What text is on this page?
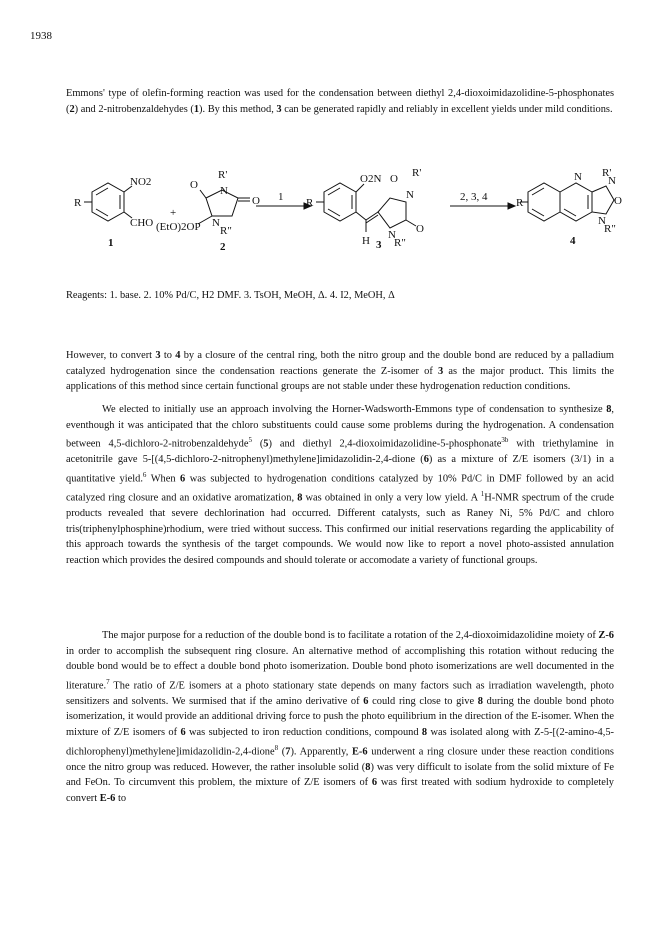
1938

Emmons' type of olefin-forming reaction was used for the condensation between diethyl 2,4-dioxoimidazolidine-5-phosphonates (2) and 2-nitrobenzaldehydes (1). By this method, 3 can be generated rapidly and reliably in excellent yields under mild conditions.

R
NO2
CHO
1
+
O
R'
N
O
(EtO)2OP N
R"
2
1 R
O2N O R'
N
O
N
R"
H 3
2, 3, 4	R
N R'
N
O
N
R"
4
Reagents: 1. base. 2. 10% Pd/C, H2 DMF. 3. TsOH, MeOH, Δ. 4. I2, MeOH, Δ

However, to convert 3 to 4 by a closure of the central ring, both the nitro group and the double bond are reduced by a palladium catalyzed hydrogenation since the condensation reactions generate the Z-isomer of 3 as the major product. This limits the applications of this method since certain functional groups are not stable under these hydrogenation reduction conditions.

We elected to initially use an approach involving the Horner-Wadsworth-Emmons type of condensation to synthesize 8, eventhough it was anticipated that the chloro substituents could cause some problems during the hydrogenation. A condensation between 4,5-dichloro-2-nitrobenzaldehyde$^5$ (5) and diethyl 2,4-dioxoimidazolidine-5-phosphonate$^{3b}$ with triethylamine in acetonitrile gave 5-[(4,5-dichloro-2-nitrophenyl)methylene]imidazolidin-2,4-dione (6) as a mixture of Z/E isomers (3/1) in a quantitative yield.$^6$ When 6 was subjected to hydrogenation conditions catalyzed by 10% Pd/C in DMF followed by an acid catalyzed ring closure and an oxidative aromatization, 8 was obtained in only a very low yield. A $^1$H-NMR spectrum of the crude products revealed that severe dechlorination had occurred. Different catalysts, such as Raney Ni, 5% Pd/C and chloro tris(triphenylphosphine)rhodium, were tried without success. This confirmed our initial reservations regarding the applicability of this approach towards the synthesis of the target compounds. We would now like to report a novel photo-assisted annulation reaction which provides the desired compounds and should tolerate or accomodate a variety of functional groups.

The major purpose for a reduction of the double bond is to facilitate a rotation of the 2,4-dioxoimidazolidine moiety of Z-6 in order to accomplish the subsequent ring closure. An alternative method of accomplishing this rotation without reducing the double bond would be to effect a double bond photo isomerization. Double bond photo isomerizations are well documented in the literature.$^7$ The ratio of Z/E isomers at a photo stationary state depends on many factors such as irradiation wavelength, photo sensitizers and solvents. We surmised that if the amino derivative of 6 could ring close to give 8 during the double bond photo isomerization, it would provide an additional driving force to push the photo equilibrium in the direction of the E-isomer. When the mixture of Z/E isomers of 6 was subjected to iron reduction conditions, compound 8 was isolated along with Z-5-[(2-amino-4,5-dichlorophenyl)methylene]imidazolidin-2,4-dione$^8$ (7). Apparently, E-6 underwent a ring closure under these reaction conditions once the nitro group was reduced. However, the rather insoluble solid (8) was very difficult to isolate from the solid mixture of Fe and FeOn. To circumvent this problem, the mixture of Z/E isomers of 6 was first treated with sodium hydroxide to completely convert E-6 to
